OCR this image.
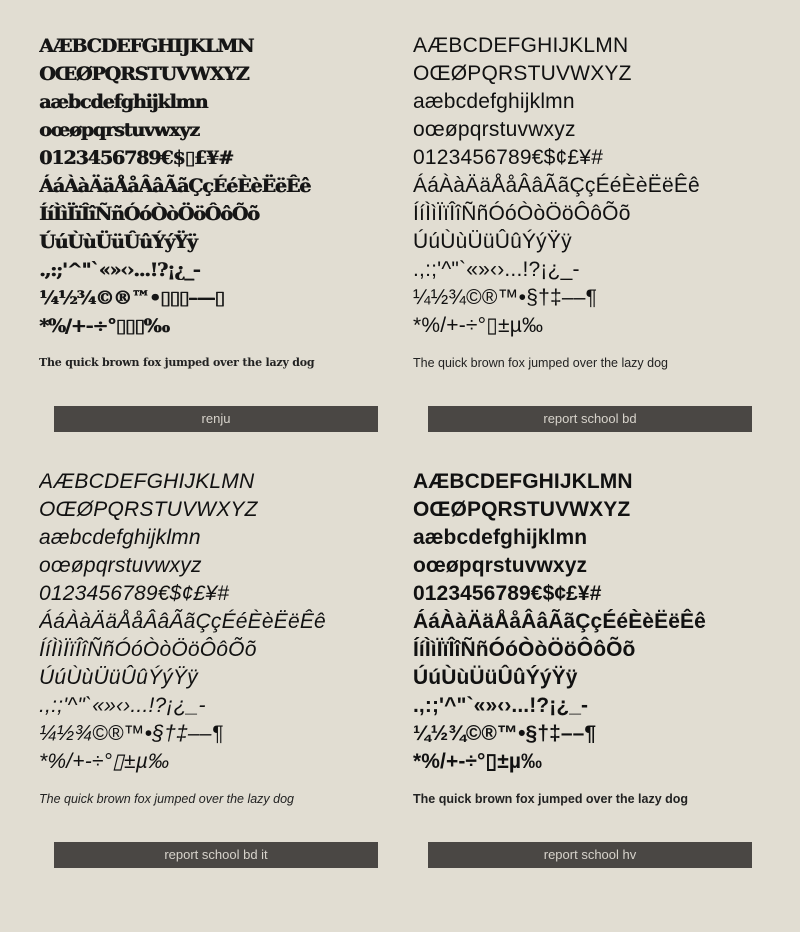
AÆBCDEFGHIJKLMN
OŒØPQRSTUVWXYZ
aæbcdefghijklmn
oœøpqrstuvwxyz
0123456789€$▯£¥#
ÁáÀàÄäÅåÂâÃãÇçÉéÈèËëÊê
ÍíÌìÏïÎîÑñÓóÒòÖöÔôÕõ
ÚúÙùÜüÛûÝýŸÿ
.,:;'^"`«»‹›...!?¡¿_-
¼½¾©®™•▯▯▯–—▯
*%/+-÷°▯▯▯‰
The quick brown fox jumped over the lazy dog
renju
AÆBCDEFGHIJKLMN
OŒØPQRSTUVWXYZ
aæbcdefghijklmn
oœøpqrstuvwxyz
0123456789€$¢£¥#
ÁáÀàÄäÅåÂâÃãÇçÉéÈèËëÊê
ÍíÌìÏïÎîÑñÓóÒòÖöÔôÕõ
ÚúÙùÜüÛûÝýŸÿ
.,:;'^"`«»‹›...!?¡¿_-
¼½¾©®™•§†‡––¶
*%/+-÷°▯±µ‰
The quick brown fox jumped over the lazy dog
report school bd
AÆBCDEFGHIJKLMN
OŒØPQRSTUVWXYZ
aæbcdefghijklmn
oœøpqrstuvwxyz
0123456789€$¢£¥#
ÁáÀàÄäÅåÂâÃãÇçÉéÈèËëÊê
ÍíÌìÏïÎîÑñÓóÒòÖöÔôÕõ
ÚúÙùÜüÛûÝýŸÿ
.,:;'^"`«»‹›...!?¡¿_-
¼½¾©®™•§†‡––¶
*%/+-÷°▯±µ‰
The quick brown fox jumped over the lazy dog
report school bd it
AÆBCDEFGHIJKLMN
OŒØPQRSTUVWXYZ
aæbcdefghijklmn
oœøpqrstuvwxyz
0123456789€$¢£¥#
ÁáÀàÄäÅåÂâÃãÇçÉéÈèËëÊê
ÍíÌìÏïÎîÑñÓóÒòÖöÔôÕõ
ÚúÙùÜüÛûÝýŸÿ
.,:;'^"`«»‹›...!?¡¿_-
¼½¾©®™•§†‡––¶
*%/+-÷°▯±µ‰
The quick brown fox jumped over the lazy dog
report school hv
